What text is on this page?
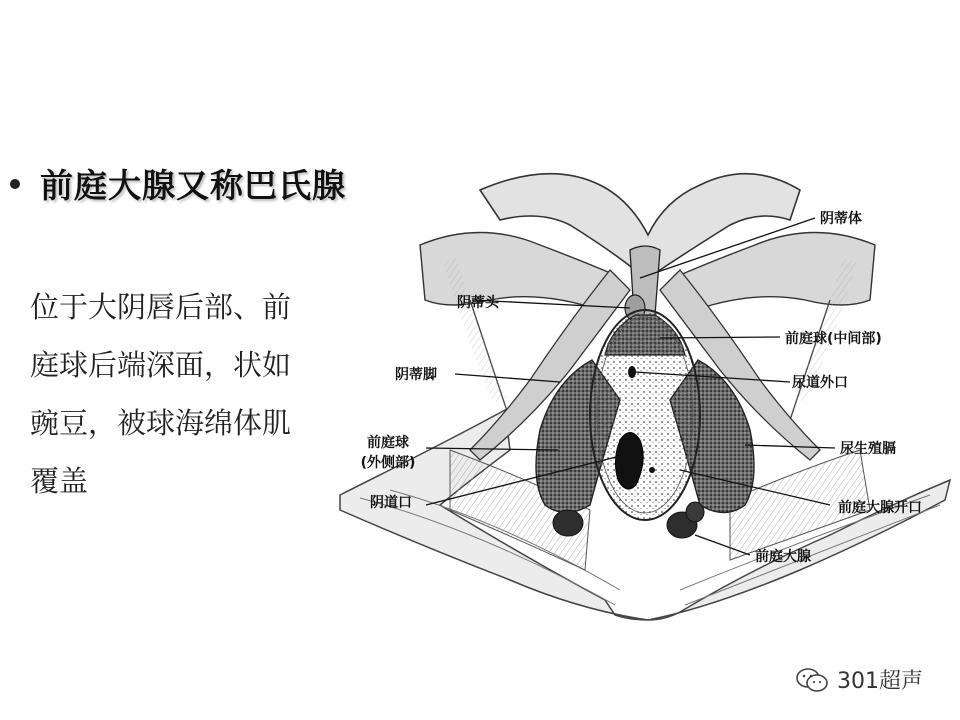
前庭大腺又称巴氏腺
位于大阴唇后部、前
庭球后端深面，状如
豌豆，被球海绵体肌
覆盖
阴蒂体
阴蒂头
前庭球(中间部)
阴蒂脚	尿道外口
前庭球
(外侧部)
尿生殖膈
阴道口	前庭大腺开口
前庭大腺
301超声
